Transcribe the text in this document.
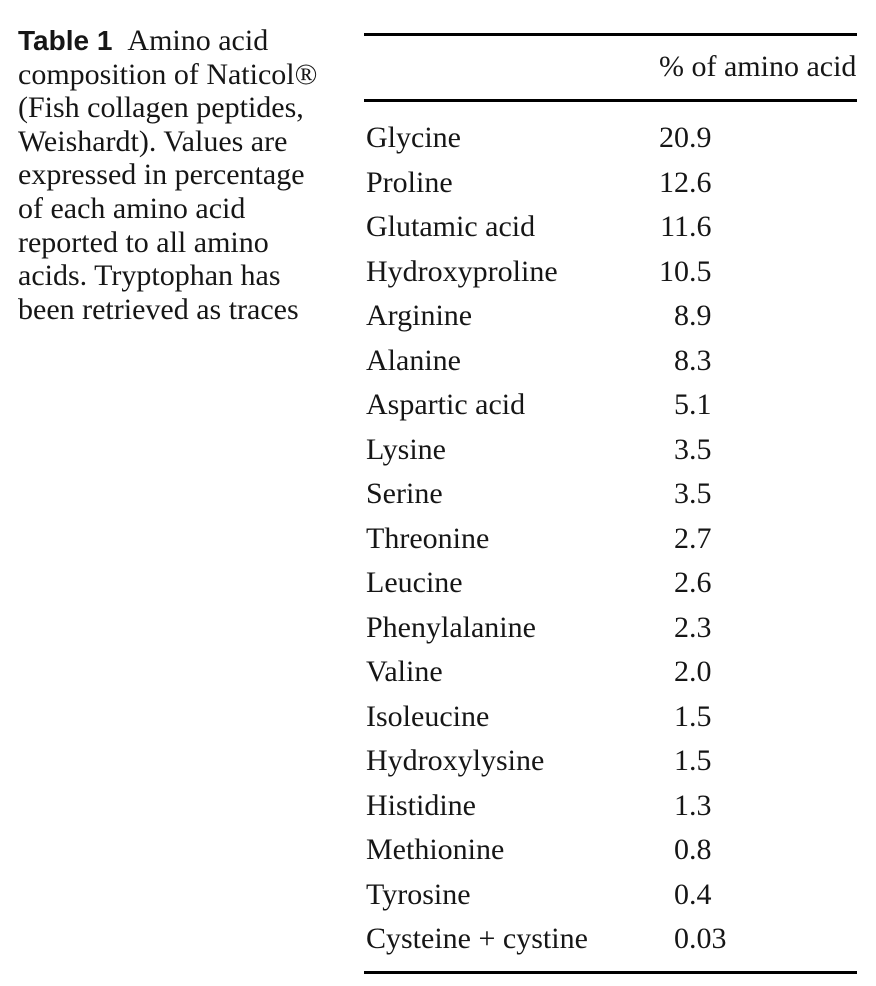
Table 1 Amino acid
composition of Naticol®
(Fish collagen peptides,
Weishardt). Values are
expressed in percentage
of each amino acid
reported to all amino
acids. Tryptophan has
been retrieved as traces
% of amino acid
Glycine	20.9
Proline	12.6
Glutamic acid	11.6
Hydroxyproline	10.5
Arginine	8.9
Alanine	8.3
Aspartic acid	5.1
Lysine	3.5
Serine	3.5
Threonine	2.7
Leucine	2.6
Phenylalanine	2.3
Valine	2.0
Isoleucine	1.5
Hydroxylysine	1.5
Histidine	1.3
Methionine	0.8
Tyrosine	0.4
Cysteine + cystine	0.03
